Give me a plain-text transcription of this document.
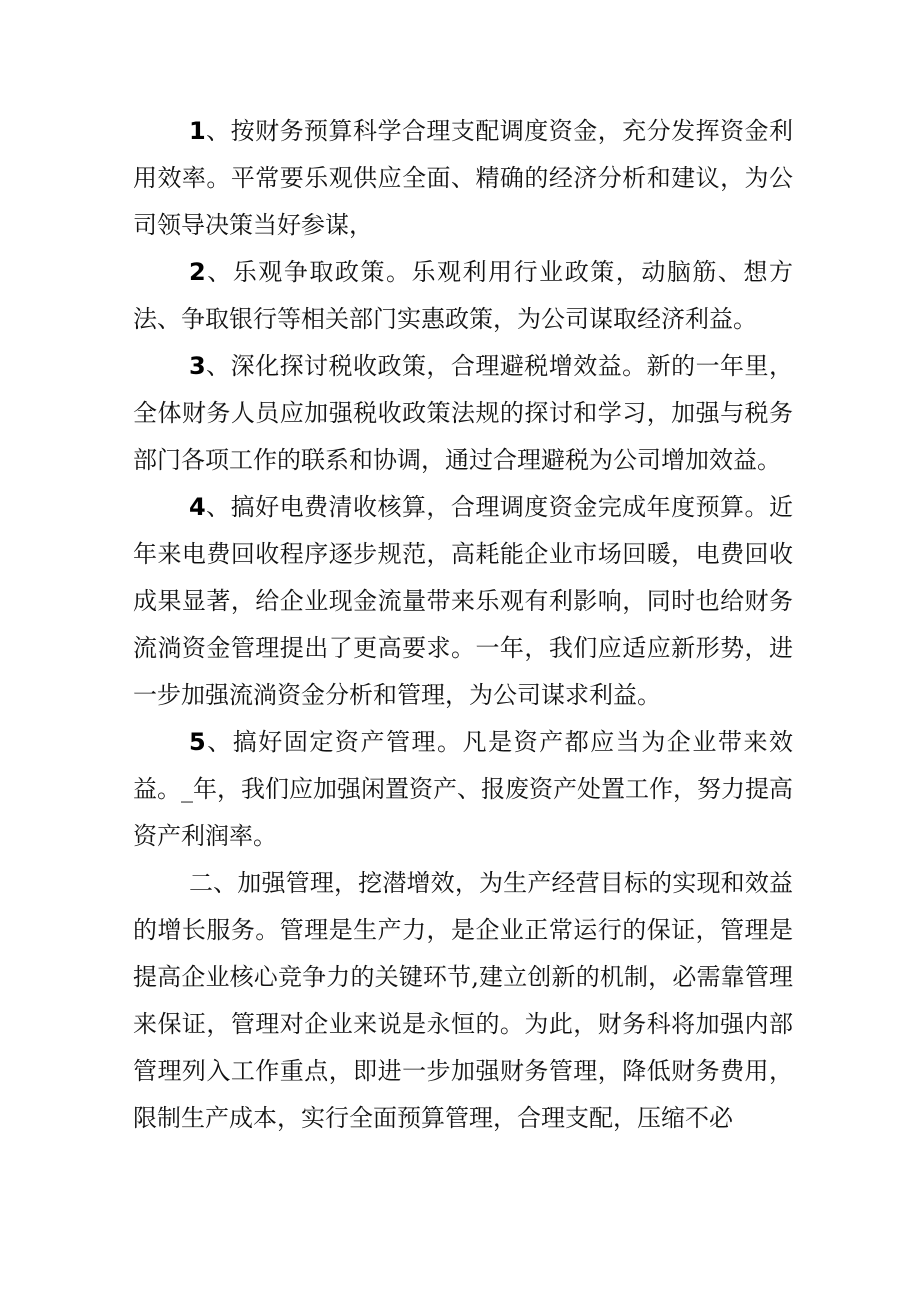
1、按财务预算科学合理支配调度资金，充分发挥资金利用效率。平常要乐观供应全面、精确的经济分析和建议，为公司领导决策当好参谋，

2、乐观争取政策。乐观利用行业政策，动脑筋、想方法、争取银行等相关部门实惠政策，为公司谋取经济利益。

3、深化探讨税收政策，合理避税增效益。新的一年里，全体财务人员应加强税收政策法规的探讨和学习，加强与税务部门各项工作的联系和协调，通过合理避税为公司增加效益。

4、搞好电费清收核算，合理调度资金完成年度预算。近年来电费回收程序逐步规范，高耗能企业市场回暖，电费回收成果显著，给企业现金流量带来乐观有利影响，同时也给财务流淌资金管理提出了更高要求。一年，我们应适应新形势，进一步加强流淌资金分析和管理，为公司谋求利益。

5、搞好固定资产管理。凡是资产都应当为企业带来效益。_年，我们应加强闲置资产、报废资产处置工作，努力提高资产利润率。

二、加强管理，挖潜增效，为生产经营目标的实现和效益的增长服务。管理是生产力，是企业正常运行的保证，管理是提高企业核心竞争力的关键环节,建立创新的机制，必需靠管理来保证，管理对企业来说是永恒的。为此，财务科将加强内部管理列入工作重点，即进一步加强财务管理，降低财务费用，限制生产成本，实行全面预算管理，合理支配，压缩不必
